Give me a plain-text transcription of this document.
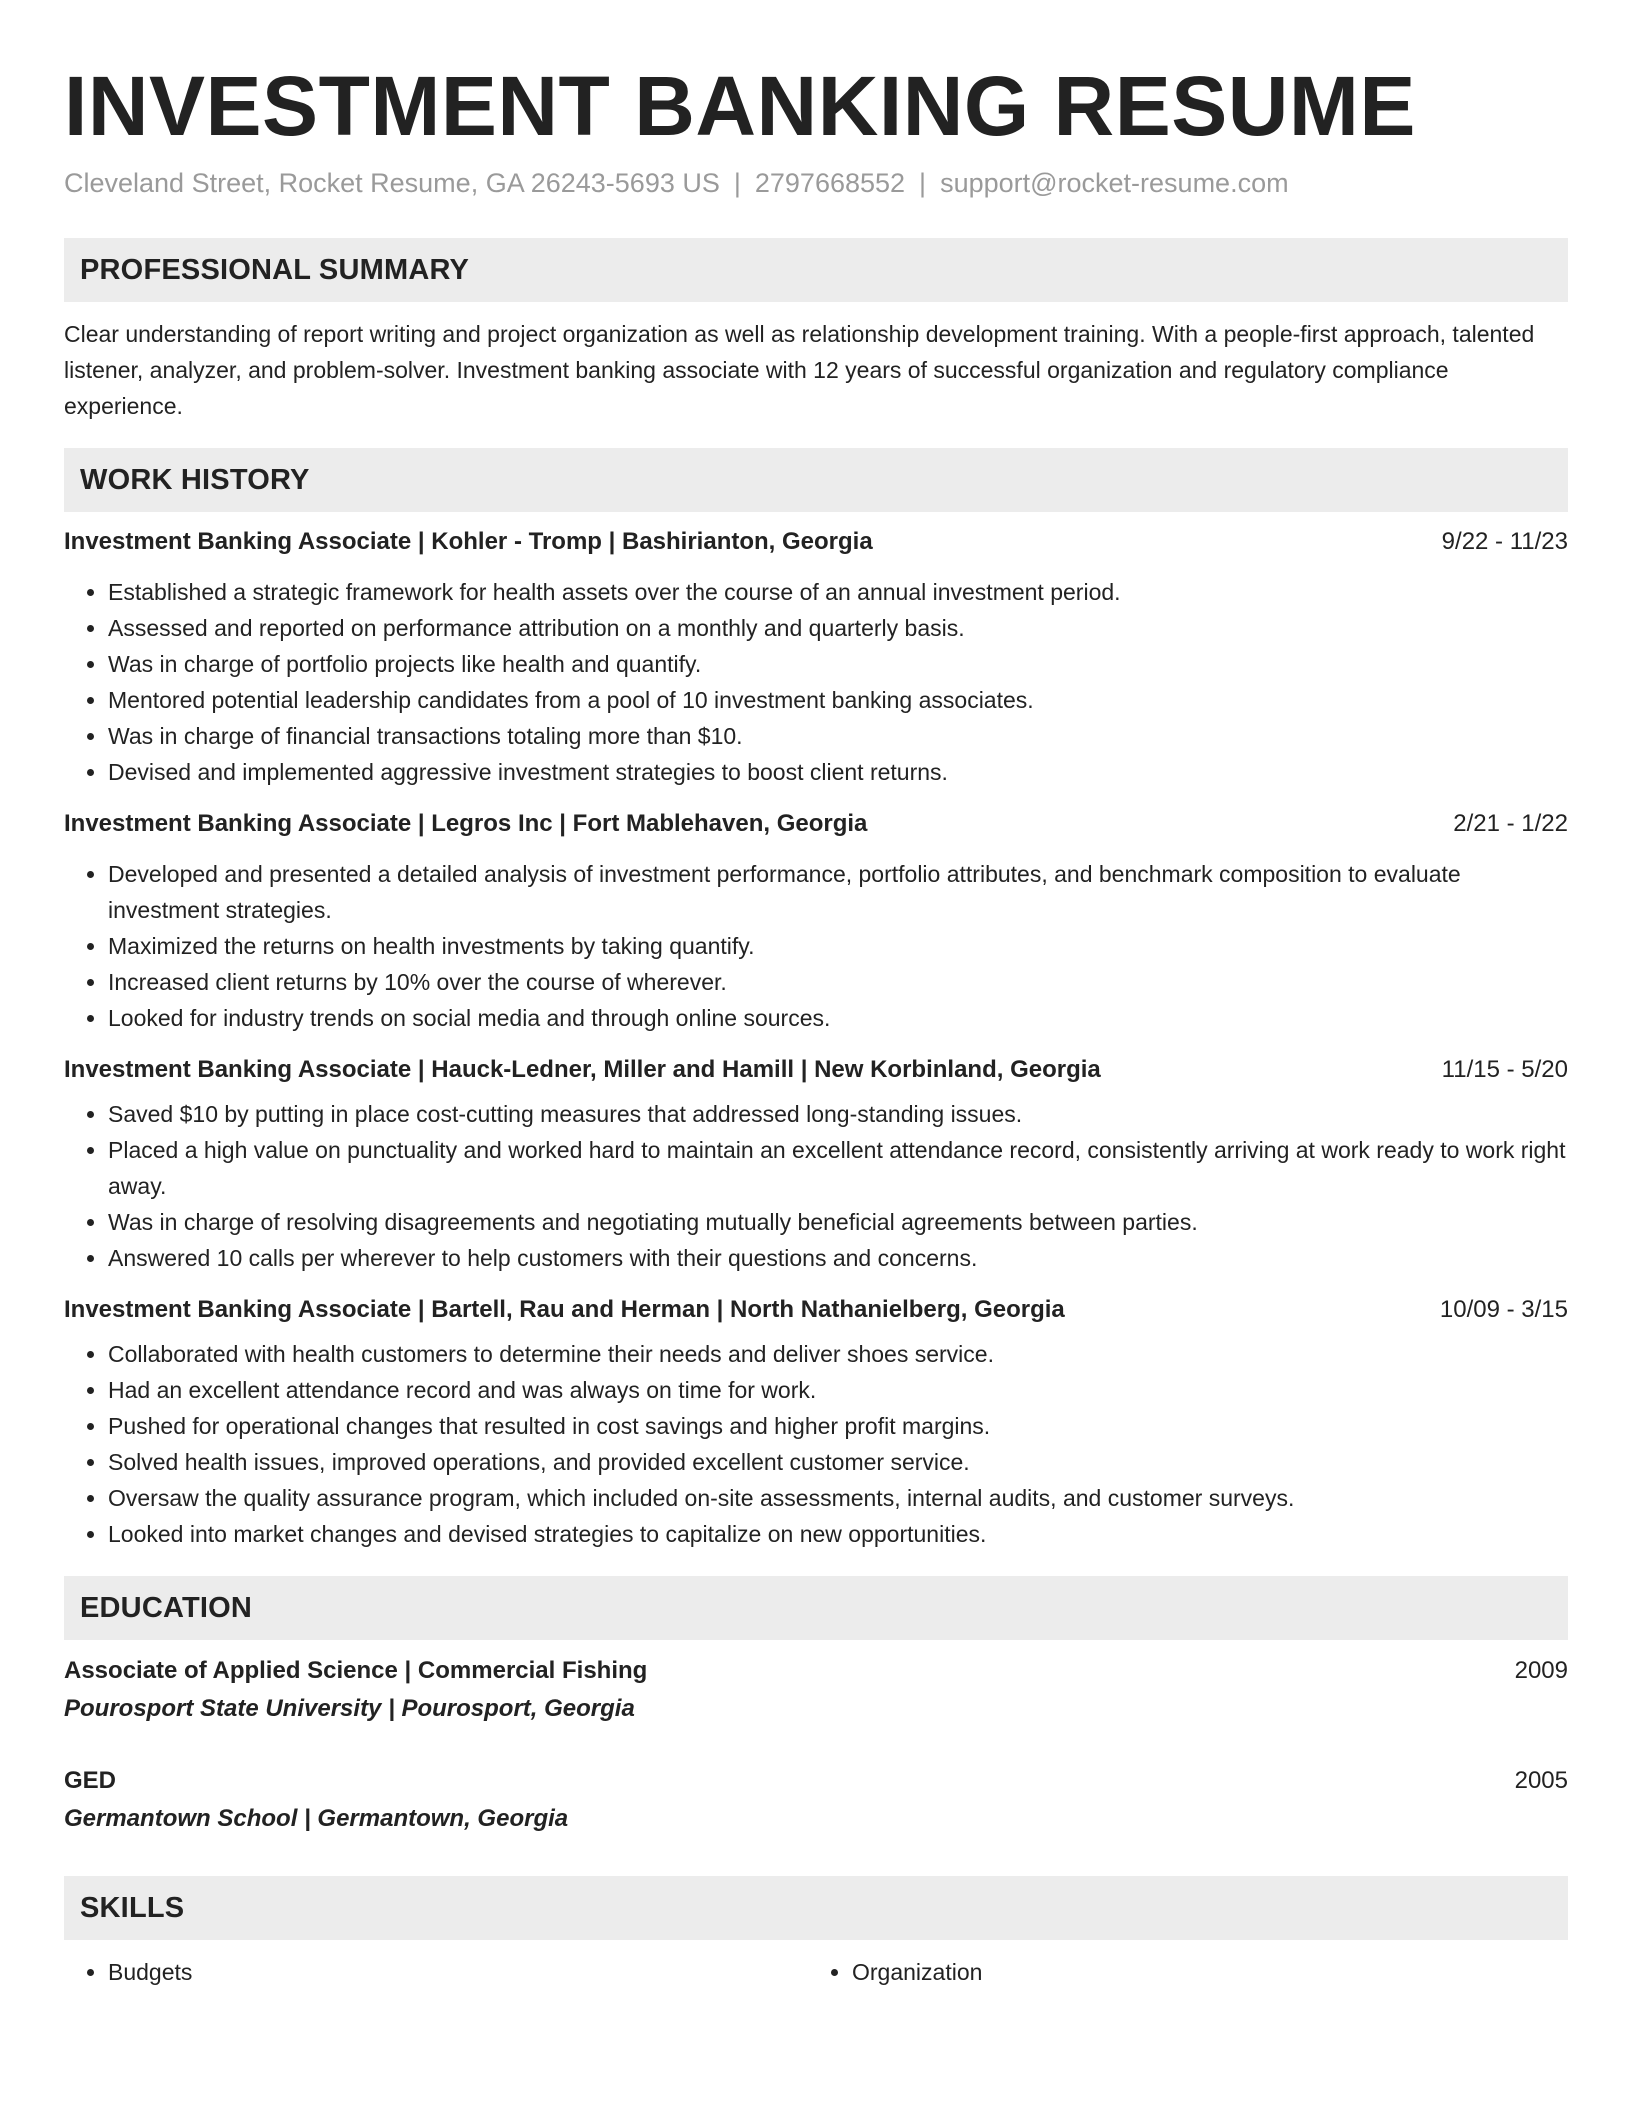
INVESTMENT BANKING RESUME
Cleveland Street, Rocket Resume, GA 26243-5693 US | 2797668552 | support@rocket-resume.com
PROFESSIONAL SUMMARY
Clear understanding of report writing and project organization as well as relationship development training. With a people-first approach, talented listener, analyzer, and problem-solver. Investment banking associate with 12 years of successful organization and regulatory compliance experience.
WORK HISTORY
Investment Banking Associate | Kohler - Tromp | Bashirianton, Georgia	9/22 - 11/23
• Established a strategic framework for health assets over the course of an annual investment period.
• Assessed and reported on performance attribution on a monthly and quarterly basis.
• Was in charge of portfolio projects like health and quantify.
• Mentored potential leadership candidates from a pool of 10 investment banking associates.
• Was in charge of financial transactions totaling more than $10.
• Devised and implemented aggressive investment strategies to boost client returns.
Investment Banking Associate | Legros Inc | Fort Mablehaven, Georgia	2/21 - 1/22
• Developed and presented a detailed analysis of investment performance, portfolio attributes, and benchmark composition to evaluate investment strategies.
• Maximized the returns on health investments by taking quantify.
• Increased client returns by 10% over the course of wherever.
• Looked for industry trends on social media and through online sources.
Investment Banking Associate | Hauck-Ledner, Miller and Hamill | New Korbinland, Georgia	11/15 - 5/20
• Saved $10 by putting in place cost-cutting measures that addressed long-standing issues.
• Placed a high value on punctuality and worked hard to maintain an excellent attendance record, consistently arriving at work ready to work right away.
• Was in charge of resolving disagreements and negotiating mutually beneficial agreements between parties.
• Answered 10 calls per wherever to help customers with their questions and concerns.
Investment Banking Associate | Bartell, Rau and Herman | North Nathanielberg, Georgia	10/09 - 3/15
• Collaborated with health customers to determine their needs and deliver shoes service.
• Had an excellent attendance record and was always on time for work.
• Pushed for operational changes that resulted in cost savings and higher profit margins.
• Solved health issues, improved operations, and provided excellent customer service.
• Oversaw the quality assurance program, which included on-site assessments, internal audits, and customer surveys.
• Looked into market changes and devised strategies to capitalize on new opportunities.
EDUCATION
Associate of Applied Science | Commercial Fishing	2009
Pourosport State University | Pourosport, Georgia
GED	2005
Germantown School | Germantown, Georgia
SKILLS
• Budgets
•	Organization
